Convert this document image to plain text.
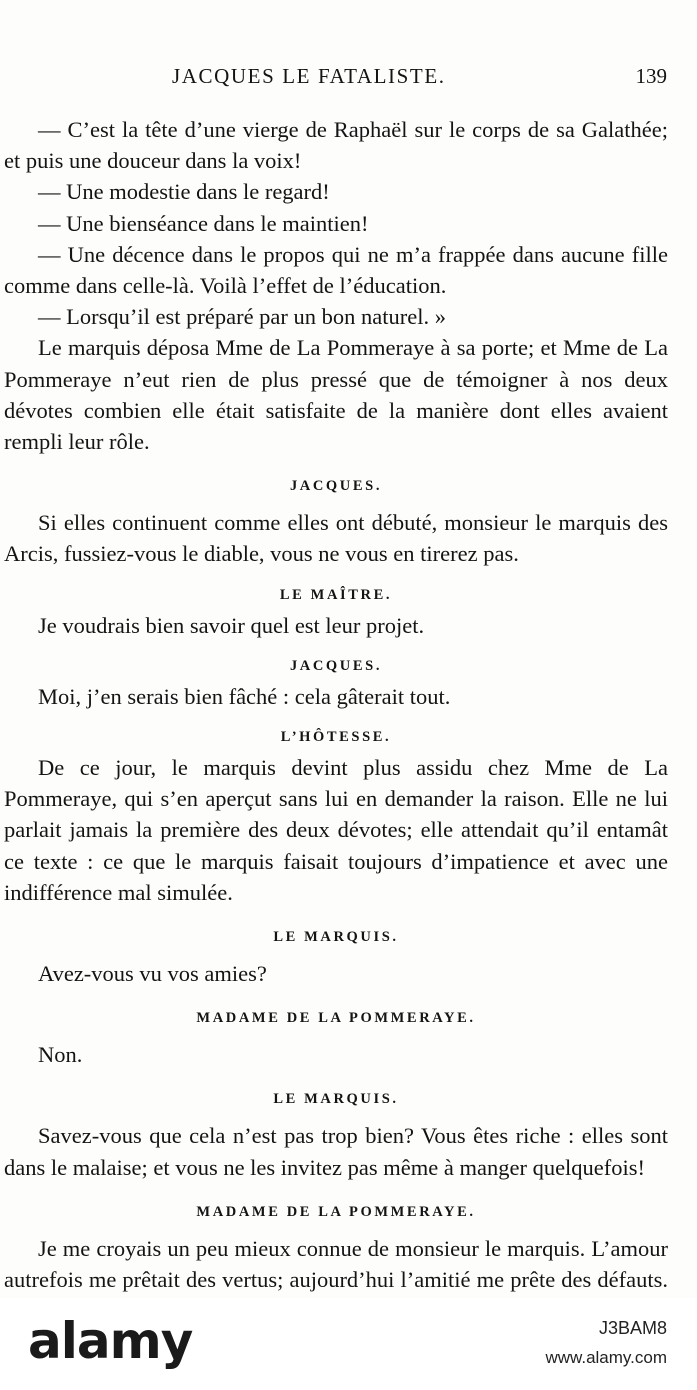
JACQUES LE FATALISTE.	139

— C’est la tête d’une vierge de Raphaël sur le corps de sa Galathée; et puis une douceur dans la voix!

— Une modestie dans le regard!

— Une bienséance dans le maintien!

— Une décence dans le propos qui ne m’a frappée dans aucune fille comme dans celle-là. Voilà l’effet de l’éducation.

— Lorsqu’il est préparé par un bon naturel. »

Le marquis déposa Mme de La Pommeraye à sa porte; et Mme de La Pommeraye n’eut rien de plus pressé que de témoigner à nos deux dévotes combien elle était satisfaite de la manière dont elles avaient rempli leur rôle.

JACQUES.

Si elles continuent comme elles ont débuté, monsieur le marquis des Arcis, fussiez-vous le diable, vous ne vous en tirerez pas.

LE MAÎTRE.

Je voudrais bien savoir quel est leur projet.

JACQUES.

Moi, j’en serais bien fâché : cela gâterait tout.

L’HÔTESSE.

De ce jour, le marquis devint plus assidu chez Mme de La Pommeraye, qui s’en aperçut sans lui en demander la raison. Elle ne lui parlait jamais la première des deux dévotes; elle attendait qu’il entamât ce texte : ce que le marquis faisait toujours d’impatience et avec une indifférence mal simulée.

LE MARQUIS.

Avez-vous vu vos amies?

MADAME DE LA POMMERAYE.

Non.

LE MARQUIS.

Savez-vous que cela n’est pas trop bien? Vous êtes riche : elles sont dans le malaise; et vous ne les invitez pas même à manger quelquefois!

MADAME DE LA POMMERAYE.

Je me croyais un peu mieux connue de monsieur le marquis. L’amour autrefois me prêtait des vertus; aujourd’hui l’amitié me prête des défauts.

alamy	J3BAM8
www.alamy.com
